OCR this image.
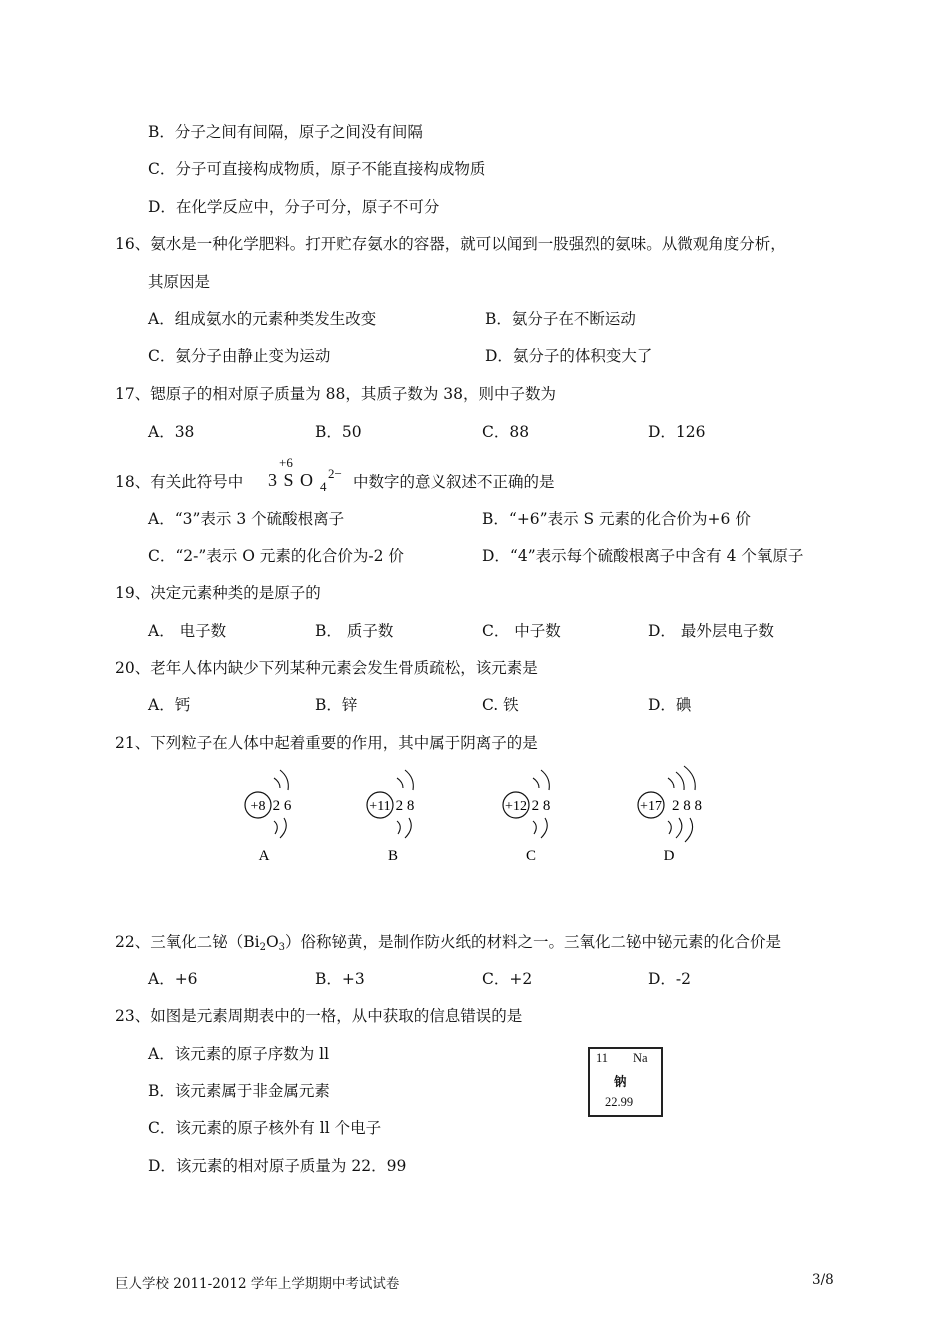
B．分子之间有间隔，原子之间没有间隔
C．分子可直接构成物质，原子不能直接构成物质
D．在化学反应中，分子可分，原子不可分
16、氨水是一种化学肥料。打开贮存氨水的容器，就可以闻到一股强烈的氨味。从微观角度分析，
其原因是
A．组成氨水的元素种类发生改变	B．氨分子在不断运动
C．氨分子由静止变为运动	D．氨分子的体积变大了
17、锶原子的相对原子质量为 88，其质子数为 38，则中子数为
A．38	B．50	C．88	D．126
18、有关此符号中
+6
3 S O 4
2− 中数字的意义叙述不正确的是
A．“3”表示 3 个硫酸根离子	B．“+6”表示 S 元素的化合价为+6 价
C．“2-”表示 O 元素的化合价为-2 价	D．“4”表示每个硫酸根离子中含有 4 个氧原子
19、决定元素种类的是原子的
A． 电子数	B． 质子数	C． 中子数	D． 最外层电子数
20、老年人体内缺少下列某种元素会发生骨质疏松，该元素是
A．钙	B．锌	C. 铁	D．碘
21、下列粒子在人体中起着重要的作用，其中属于阴离子的是
+8 2 6
A
+11 2 8
B
+12 2 8
C
+17 2 8 8
D
22、三氧化二铋$(Bi_2O_3)$俗称铋黄，是制作防火纸的材料之一。三氧化二铋中铋元素的化合价是
A．+6	B．+3	C．+2	D．-2
23、如图是元素周期表中的一格，从中获取的信息错误的是
A．该元素的原子序数为 ll
B．该元素属于非金属元素
C．该元素的原子核外有 ll 个电子
D．该元素的相对原子质量为 22．99
11 Na
钠
22.99
巨人学校 2011-2012 学年上学期期中考试试卷	3/8
